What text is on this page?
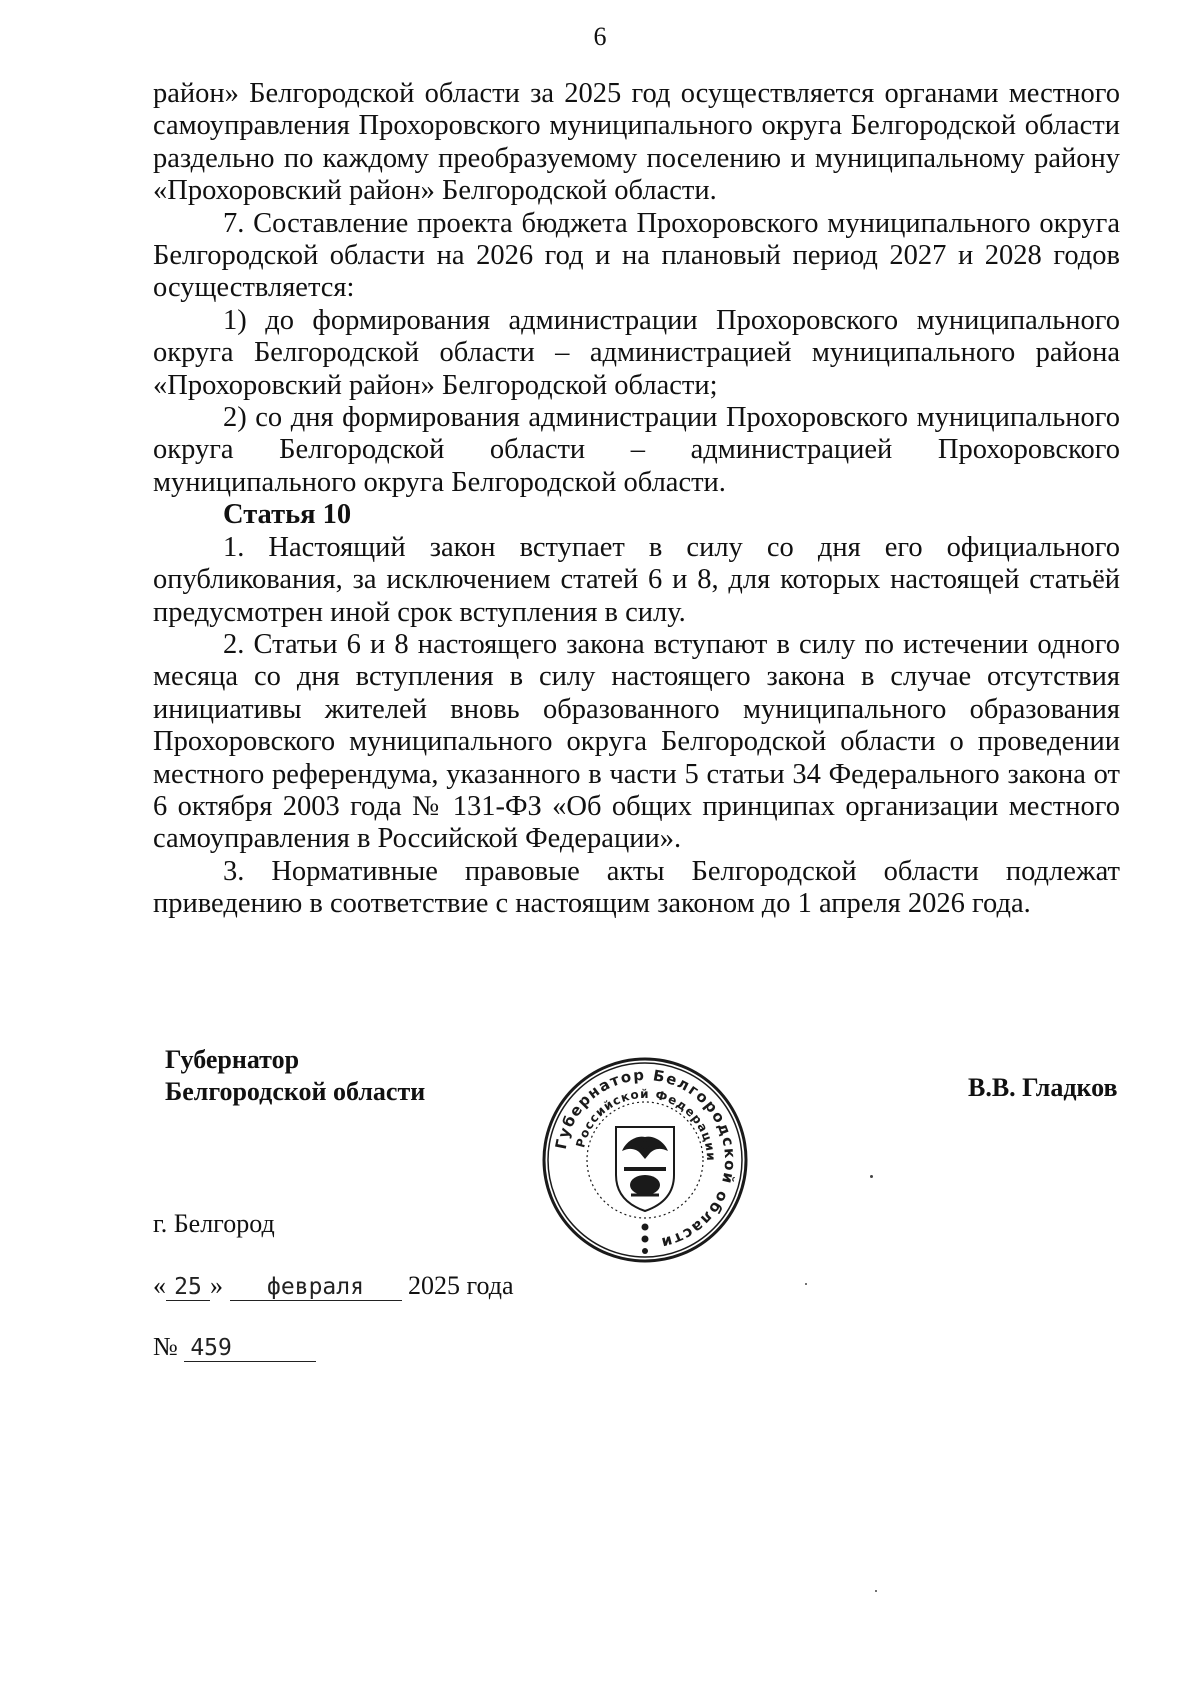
6

район» Белгородской области за 2025 год осуществляется органами местного самоуправления Прохоровского муниципального округа Белгородской области раздельно по каждому преобразуемому поселению и муниципальному району «Прохоровский район» Белгородской области.

7. Составление проекта бюджета Прохоровского муниципального округа Белгородской области на 2026 год и на плановый период 2027 и 2028 годов осуществляется:

1) до формирования администрации Прохоровского муниципального округа Белгородской области – администрацией муниципального района «Прохоровский район» Белгородской области;

2) со дня формирования администрации Прохоровского муниципального округа Белгородской области – администрацией Прохоровского муниципального округа Белгородской области.

Статья 10

1. Настоящий закон вступает в силу со дня его официального опубликования, за исключением статей 6 и 8, для которых настоящей статьёй предусмотрен иной срок вступления в силу.

2. Статьи 6 и 8 настоящего закона вступают в силу по истечении одного месяца со дня вступления в силу настоящего закона в случае отсутствия инициативы жителей вновь образованного муниципального образования Прохоровского муниципального округа Белгородской области о проведении местного референдума, указанного в части 5 статьи 34 Федерального закона от 6 октября 2003 года № 131-ФЗ «Об общих принципах организации местного самоуправления в Российской Федерации».

3. Нормативные правовые акты Белгородской области подлежат приведению в соответствие с настоящим законом до 1 апреля 2026 года.

Губернатор
Белгородской области	В.В. Гладков
Губернатор Белгородской области
Российской Федерации
г. Белгород
« 25 » февраля 2025 года
№ 459
